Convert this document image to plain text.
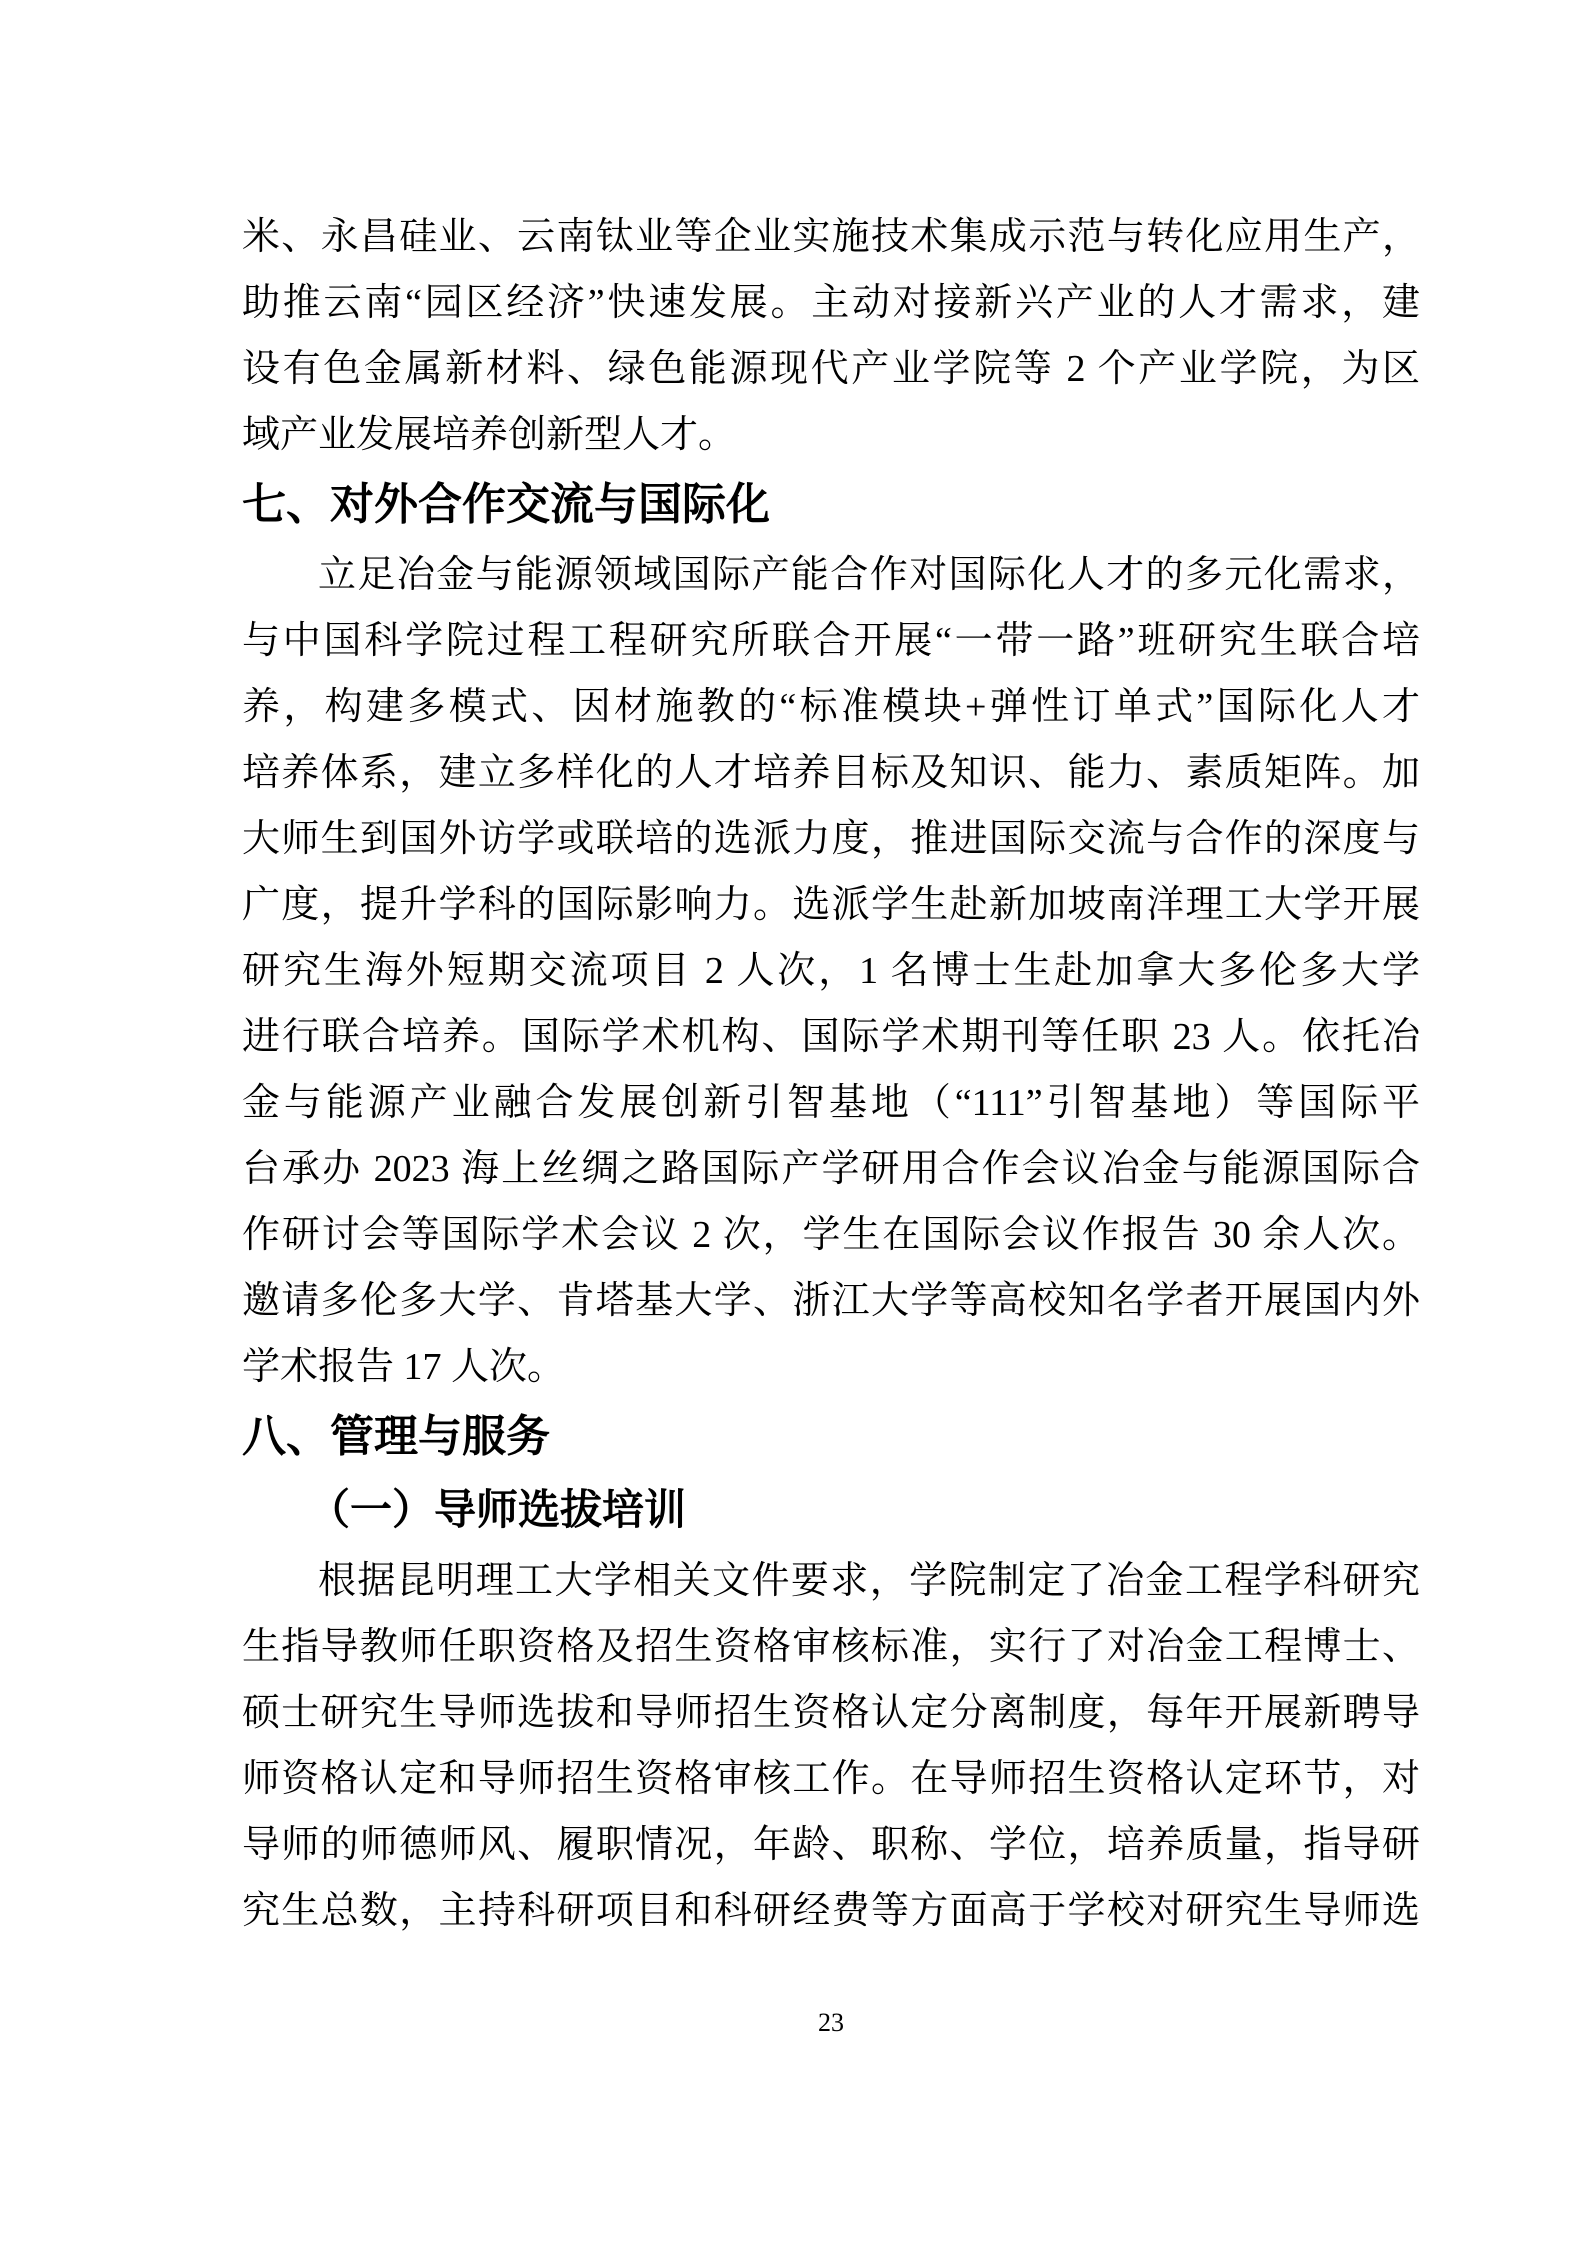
米、永昌硅业、云南钛业等企业实施技术集成示范与转化应用生产，
助推云南“园区经济”快速发展。主动对接新兴产业的人才需求，建
设有色金属新材料、绿色能源现代产业学院等 2 个产业学院，为区
域产业发展培养创新型人才。
七、对外合作交流与国际化
立足冶金与能源领域国际产能合作对国际化人才的多元化需求，
与中国科学院过程工程研究所联合开展“一带一路”班研究生联合培
养，构建多模式、因材施教的“标准模块+弹性订单式”国际化人才
培养体系，建立多样化的人才培养目标及知识、能力、素质矩阵。加
大师生到国外访学或联培的选派力度，推进国际交流与合作的深度与
广度，提升学科的国际影响力。选派学生赴新加坡南洋理工大学开展
研究生海外短期交流项目 2 人次，1 名博士生赴加拿大多伦多大学
进行联合培养。国际学术机构、国际学术期刊等任职 23 人。依托冶
金与能源产业融合发展创新引智基地（“111”引智基地）等国际平
台承办 2023 海上丝绸之路国际产学研用合作会议冶金与能源国际合
作研讨会等国际学术会议 2 次，学生在国际会议作报告 30 余人次。
邀请多伦多大学、肯塔基大学、浙江大学等高校知名学者开展国内外
学术报告 17 人次。
八、管理与服务
（一）导师选拔培训
根据昆明理工大学相关文件要求，学院制定了冶金工程学科研究
生指导教师任职资格及招生资格审核标准，实行了对冶金工程博士、
硕士研究生导师选拔和导师招生资格认定分离制度，每年开展新聘导
师资格认定和导师招生资格审核工作。在导师招生资格认定环节，对
导师的师德师风、履职情况，年龄、职称、学位，培养质量，指导研
究生总数，主持科研项目和科研经费等方面高于学校对研究生导师选
23
